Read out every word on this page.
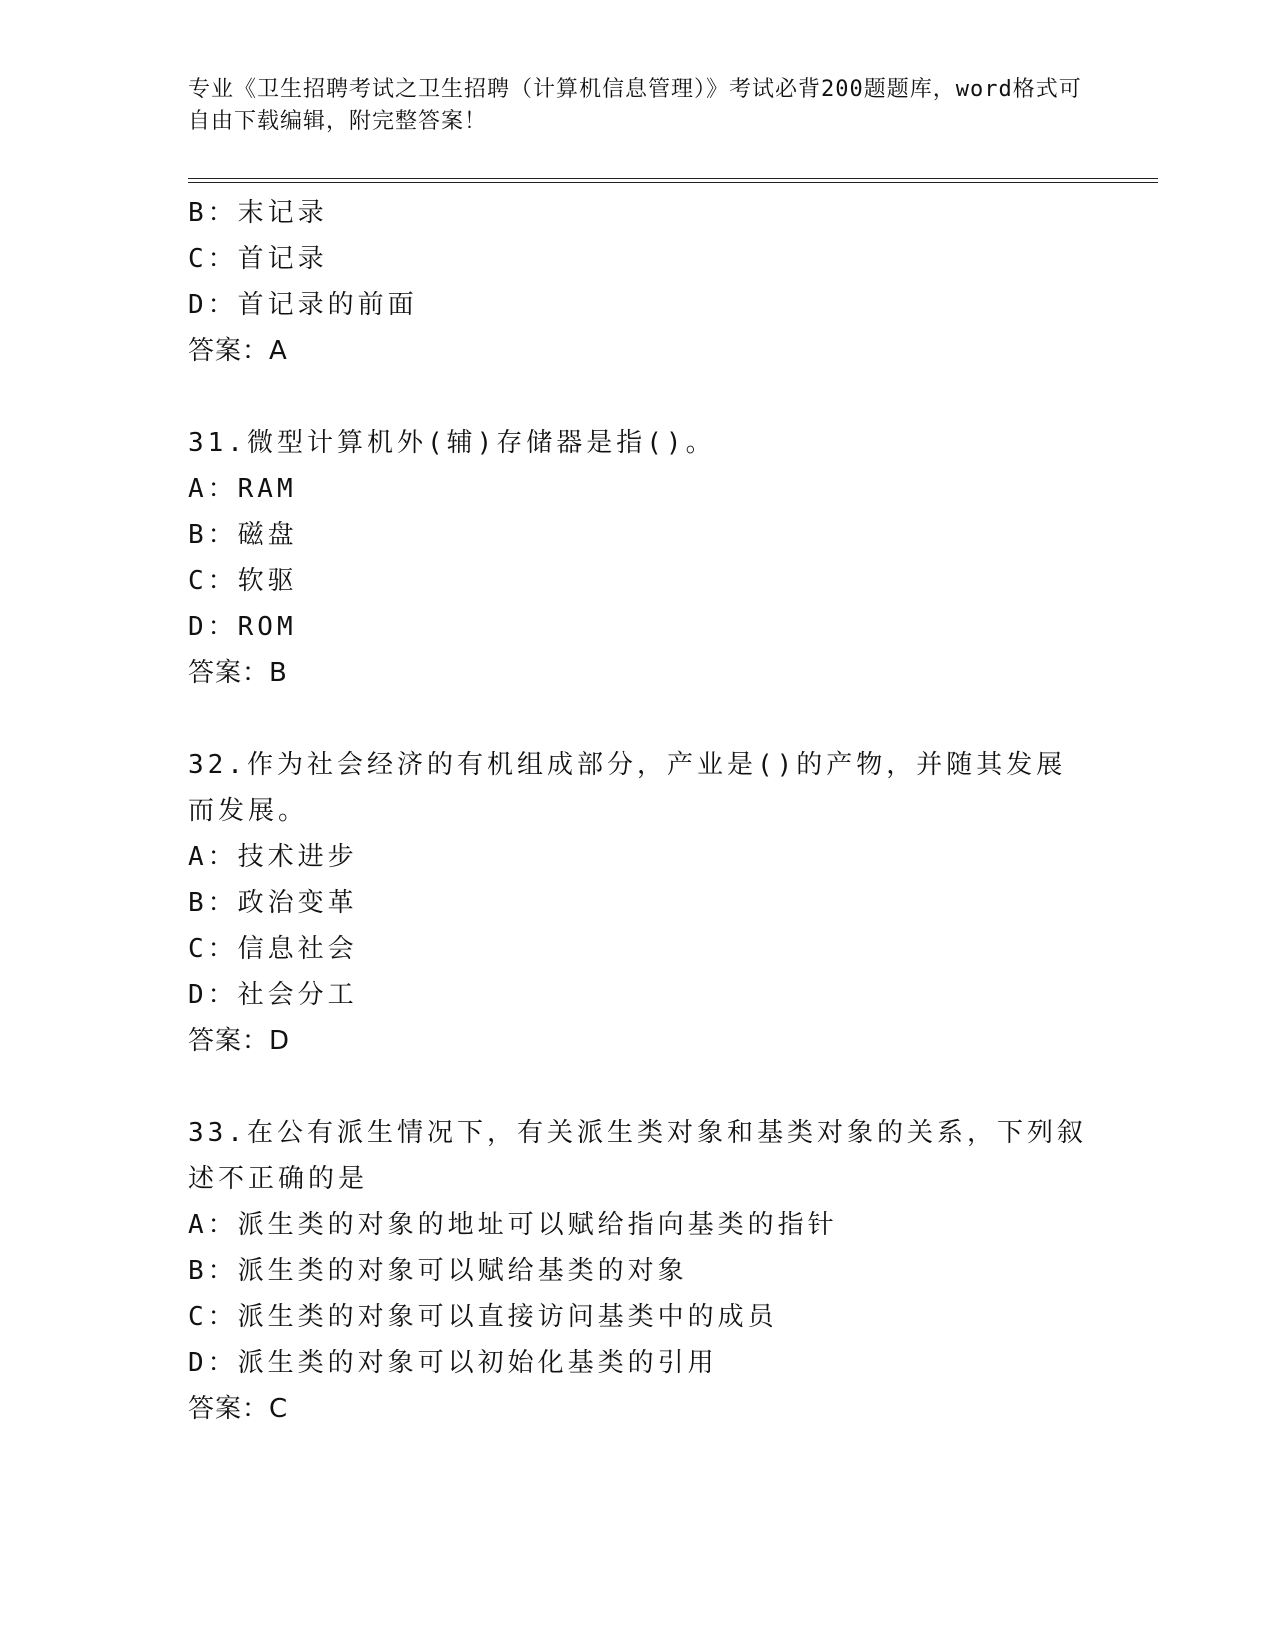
专业《卫生招聘考试之卫生招聘（计算机信息管理）》考试必背200题题库，word格式可自由下载编辑，附完整答案！
B：末记录
C：首记录
D：首记录的前面
答案：A
31.微型计算机外(辅)存储器是指()。
A：RAM
B：磁盘
C：软驱
D：ROM
答案：B
32.作为社会经济的有机组成部分，产业是()的产物，并随其发展而发展。
A：技术进步
B：政治变革
C：信息社会
D：社会分工
答案：D
33.在公有派生情况下，有关派生类对象和基类对象的关系，下列叙述不正确的是
A：派生类的对象的地址可以赋给指向基类的指针
B：派生类的对象可以赋给基类的对象
C：派生类的对象可以直接访问基类中的成员
D：派生类的对象可以初始化基类的引用
答案：C
